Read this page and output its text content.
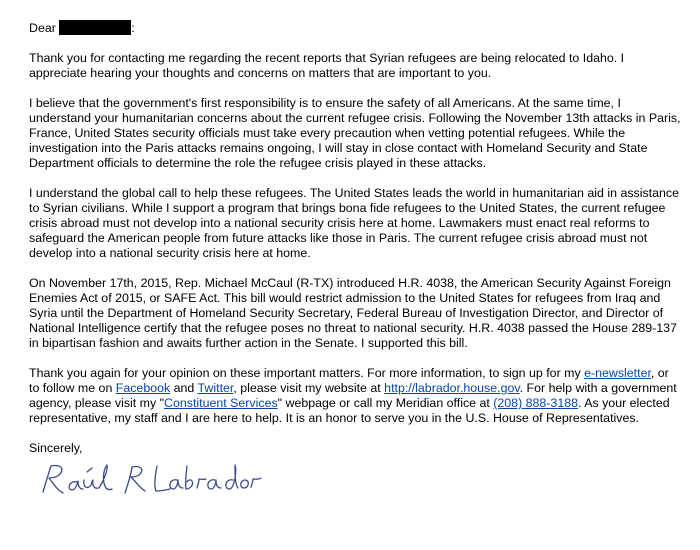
Dear	:

Thank you for contacting me regarding the recent reports that Syrian refugees are being relocated to Idaho. I appreciate hearing your thoughts and concerns on matters that are important to you.

I believe that the government's first responsibility is to ensure the safety of all Americans. At the same time, I understand your humanitarian concerns about the current refugee crisis. Following the November 13th attacks in Paris, France, United States security officials must take every precaution when vetting potential refugees. While the investigation into the Paris attacks remains ongoing, I will stay in close contact with Homeland Security and State Department officials to determine the role the refugee crisis played in these attacks.

I understand the global call to help these refugees. The United States leads the world in humanitarian aid in assistance to Syrian civilians. While I support a program that brings bona fide refugees to the United States, the current refugee crisis abroad must not develop into a national security crisis here at home. Lawmakers must enact real reforms to safeguard the American people from future attacks like those in Paris. The current refugee crisis abroad must not develop into a national security crisis here at home.

On November 17th, 2015, Rep. Michael McCaul (R-TX) introduced H.R. 4038, the American Security Against Foreign Enemies Act of 2015, or SAFE Act. This bill would restrict admission to the United States for refugees from Iraq and Syria until the Department of Homeland Security Secretary, Federal Bureau of Investigation Director, and Director of National Intelligence certify that the refugee poses no threat to national security. H.R. 4038 passed the House 289-137 in bipartisan fashion and awaits further action in the Senate. I supported this bill.

Thank you again for your opinion on these important matters. For more information, to sign up for my e-newsletter, or to follow me on Facebook and Twitter, please visit my website at http://labrador.house.gov. For help with a government agency, please visit my "Constituent Services" webpage or call my Meridian office at (208) 888-3188. As your elected representative, my staff and I are here to help. It is an honor to serve you in the U.S. House of Representatives.

Sincerely,
